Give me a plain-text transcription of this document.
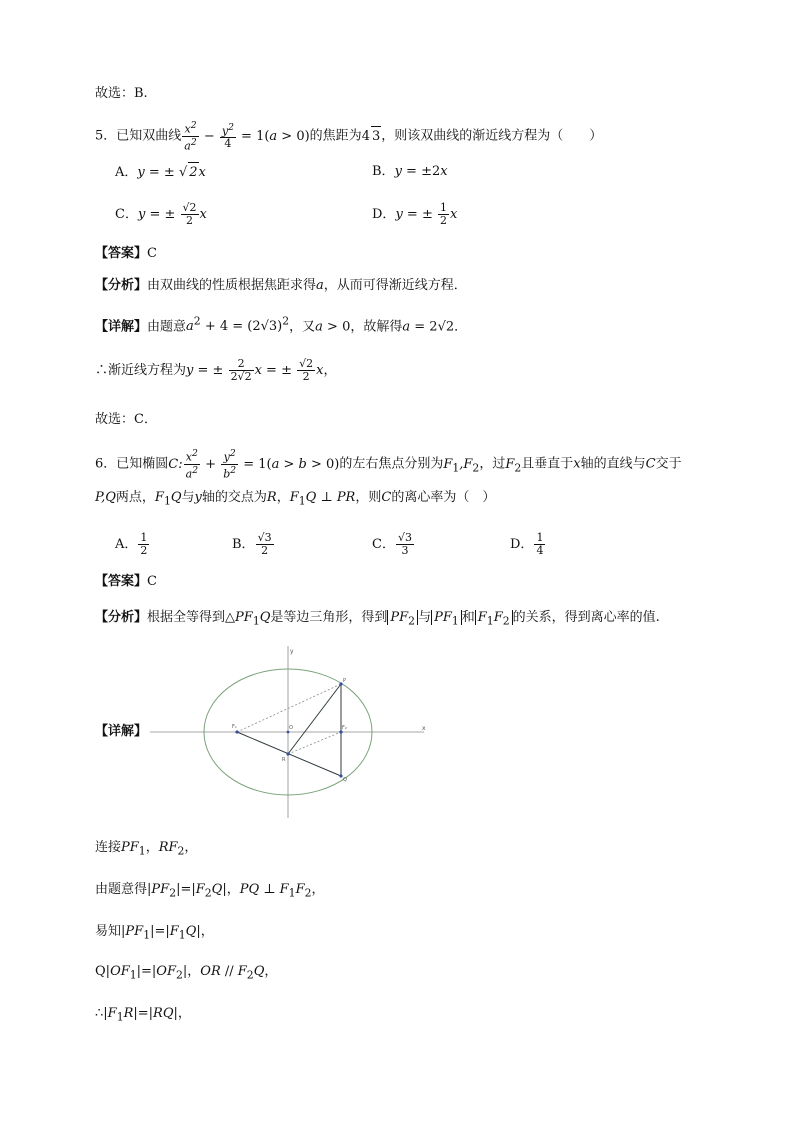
故选：B.
5．已知双曲线 $\frac{x^2}{a^2} - \frac{y^2}{4} = 1(a > 0)$的焦距为4 3，则该双曲线的渐近线方程为（　　）
A．y = ± √ 2x	B．y = ±2x
C．y = ± $\frac{√2}{2}$ x	D．y = ± $\frac{1}{2}$ x
【答案】C
【分析】由双曲线的性质根据焦距求得a，从而可得渐近线方程．
【详解】由题意$a^2 + 4 = (2√3)^2$，又a > 0，故解得a = 2√2．
∴渐近线方程为y = ± $\frac{2}{2√2}$ x = ± $\frac{√2}{2}$ x，
故选：C．
6．已知椭圆C: $\frac{x^2}{a^2} + \frac{y^2}{b^2} = 1(a > b > 0)$的左右焦点分别为$F_1,F_2$，过$F_2$且垂直于x轴的直线与C交于
P,Q两点，$F_1Q$与y轴的交点为R，$F_1Q$ ⊥ PR，则C的离心率为（　）
A． $\frac{1}{2}$	B． $\frac{√3}{2}$	C． $\frac{√3}{3}$	D． $\frac{1}{4}$
【答案】C
【分析】根据全等得到$\triangle PF_1Q$是等边三角形，得到 $PF_2$ 与 $PF_1$ 和 $F_1F_2$ 的关系，得到离心率的值.
【详解】	x
y
F₁	O	F₂
P
Q
R
连接$PF_1$，$RF_2$，
由题意得$|PF_2|=|F_2Q|$，PQ ⊥ $F_1F_2$，
易知$|PF_1|=|F_1Q|$，
$Q|OF_1|=|OF_2|$，OR // $F_2Q$，
$\therefore|F_1R|=|RQ|$，
